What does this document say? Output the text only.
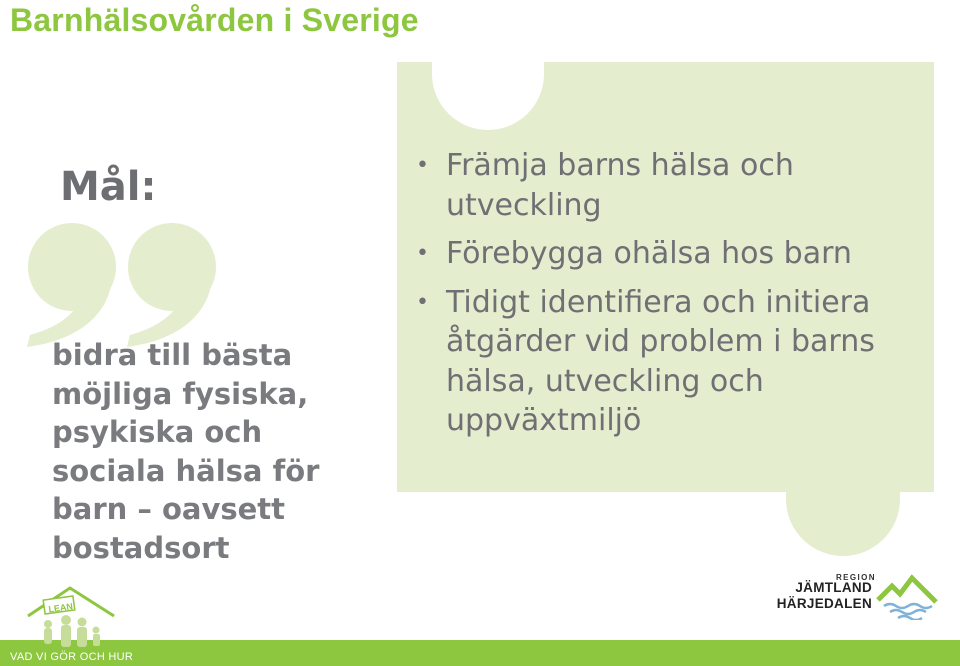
Barnhälsovården i Sverige
Mål:
bidra till bästa
möjliga fysiska,
psykiska och
sociala hälsa för
barn – oavsett
bostadsort
• Främja barns hälsa och
utveckling
• Förebygga ohälsa hos barn
• Tidigt identifiera och initiera
åtgärder vid problem i barns
hälsa, utveckling och
uppväxtmiljö
VAD VI GÖR OCH HUR
LEAN
REGION
JÄMTLAND
HÄRJEDALEN
